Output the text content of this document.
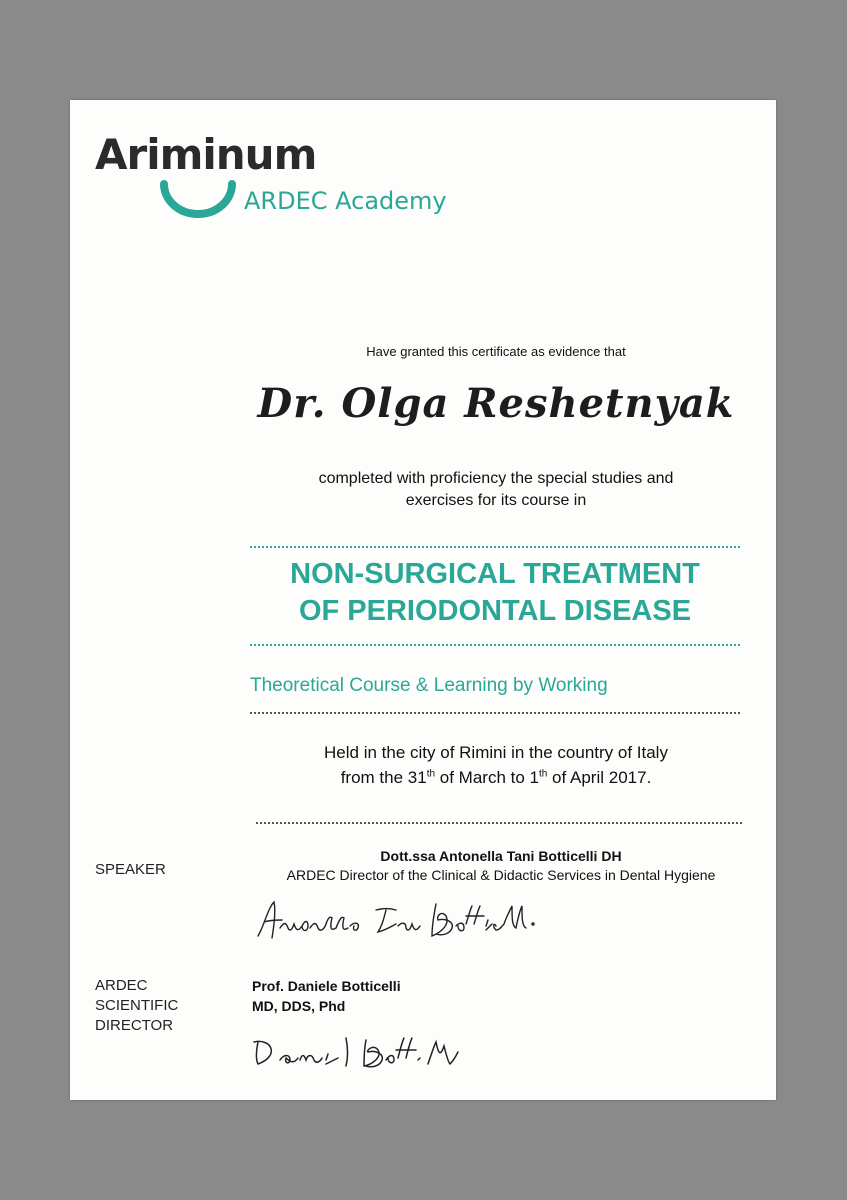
Ariminum
ARDEC Academy
Have granted this certificate as evidence that
Dr. Olga Reshetnyak
completed with proficiency the special studies and
exercises for its course in
NON-SURGICAL TREATMENT
OF PERIODONTAL DISEASE
Theoretical Course & Learning by Working
Held in the city of Rimini in the country of Italy
from the 31th of March to 1th of April 2017.
SPEAKER
Dott.ssa Antonella Tani Botticelli DH
ARDEC Director of the Clinical & Didactic Services in Dental Hygiene
ARDEC
SCIENTIFIC
DIRECTOR
Prof. Daniele Botticelli
MD, DDS, Phd
